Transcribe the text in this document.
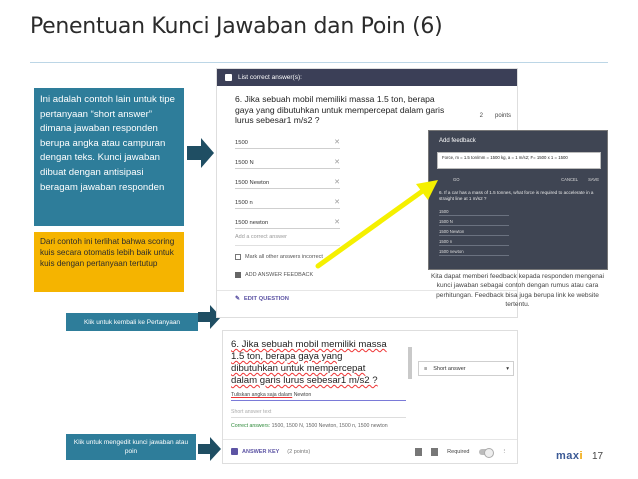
Penentuan Kunci Jawaban dan Poin (6)
Ini adalah contoh lain untuk tipe pertanyaan “short answer” dimana jawaban responden berupa angka atau campuran dengan teks. Kunci jawaban dibuat dengan antisipasi beragam jawaban responden
Dari contoh ini terlihat bahwa scoring kuis secara otomatis lebih baik untuk kuis dengan pertanyaan tertutup
Klik untuk kembali ke Pertanyaan
Klik untuk mengedit kunci jawaban atau poin
List correct answer(s):
6. Jika sebuah mobil memiliki massa 1.5 ton, berapa gaya yang dibutuhkan untuk mempercepat dalam garis lurus sebesar1 m/s2 ?	2 points
1500	✕
1500 N	✕
1500 Newton	✕
1500 n	✕
1500 newton	✕
Add a correct answer
Mark all other answers incorrect
ADD ANSWER FEEDBACK
✎ EDIT QUESTION
Add feedback
Force, m = 1.5 ton/mm = 1500 kg, a = 1 m/s2; F= 1500 x 1 = 1500
GO	CANCEL SAVE
6. If a car has a mass of 1.5 tonnes, what force is required to accelerate in a straight line at 1 m/s2 ?
1500
1500 N
1500 Newton
1500 n
1500 newton
Kita dapat memberi feedback kepada responden mengenai kunci jawaban sebagai contoh dengan rumus atau cara perhitungan. Feedback bisa juga berupa link ke website tertentu.
6. Jika sebuah mobil memiliki massa 1.5 ton, berapa gaya yang dibutuhkan untuk mempercepat dalam garis lurus sebesar1 m/s2 ?
≡ Short answer	▾
Tuliskan angka saja dalam Newton
Short answer text
Correct answers: 1500, 1500 N, 1500 Newton, 1500 n, 1500 newton
ANSWER KEY (2 points)	Required	⋮	maxi 17
